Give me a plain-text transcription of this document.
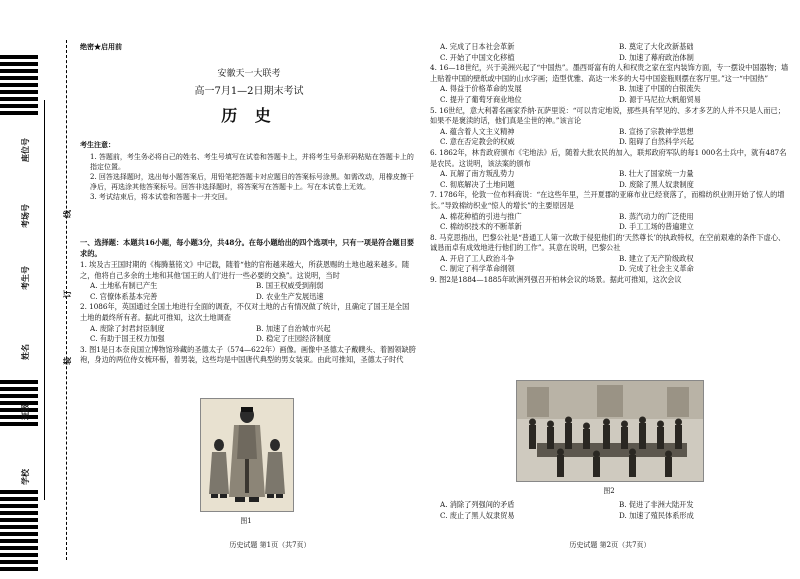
座位号
考场号
考生号
姓名
班级
学校
线
订
装
绝密★启用前
安徽天一大联考
高一7月1—2日期末考试
历 史
考生注意：
1. 答题前，考生务必将自己的姓名、考生号填写在试卷和答题卡上，并将考生号条形码粘贴在答题卡上的指定位置。
2. 回答选择题时，选出每小题答案后，用铅笔把答题卡对应题目的答案标号涂黑。如需改动，用橡皮擦干净后，再选涂其他答案标号。回答非选择题时，将答案写在答题卡上。写在本试卷上无效。
3. 考试结束后，将本试卷和答题卡一并交回。
一、选择题：本题共16小题，每小题3分，共48分。在每小题给出的四个选项中，只有一项是符合题目要求的。
1. 埃及古王国时期的《梅腾墓铭文》中记载，随着“他的官衔越来越大，所获恩赐的土地也越来越多。随之，他将自己多余的土地和其他‘国王的人们’进行一些必要的交换”。这说明，当时
A. 土地私有制已产生	B. 国王权威受到削弱
C. 官僚体系基本完善	D. 农业生产发展迅速
2. 1086年，英国通过全国土地进行全面的调查，不仅对土地的占有情况做了统计，且确定了国王是全国土地的最终所有者。据此可推知，这次土地调查
A. 废除了封君封臣制度	B. 加速了自治城市兴起
C. 有助于国王权力加强	D. 稳定了庄园经济制度
3. 图1是日本奈良国立博物馆珍藏的圣德太子（574—622年）画像。画像中圣德太子戴幞头、着圆领缺胯袍，身边的两位侍女梳环髻，着男装，这些均是中国唐代典型的男女装束。由此可推知，圣德太子时代
图1
历史试题 第1页（共7页）
A. 完成了日本社会革新	B. 奠定了大化改新基础
C. 开始了中国文化移植	D. 加速了幕府政治体制
4. 16—18世纪，兴于美洲兴起了“中国热”。墨西哥富有的人和权贵之家在室内装饰方面，专一摆设中国器物；墙上贴着中国的壁纸或中国的山水字画；造型优雅、高达一米多的大号中国瓷瓶则摆在客厅里。”这一“中国热”
A. 得益于价格革命的发展	B. 加速了中国的白银流失
C. 提升了葡萄牙商业地位	D. 源于马尼拉大帆船贸易
5. 16世纪，意大利著名画家乔纳·瓦萨里说：“可以肯定地说，那些具有罕见的、多才多艺的人并不只是人而已；如果不是褒渎的话，他们真是尘世的神。”该言论
A. 蕴含着人文主义精神	B. 宣扬了宗教神学思想
C. 意在否定教会的权威	D. 阻碍了自然科学兴起
6. 1862年，林肯政府颁布《宅地法》后，随着大批农民的加入，联邦政府军队的每1 000名士兵中，就有487名是农民。这说明，该法案的颁布
A. 瓦解了南方叛乱势力	B. 壮大了国家统一力量
C. 彻底解决了土地问题	D. 废除了黑人奴隶制度
7. 1786年，伦敦一位布料商说：“在这些年里，兰开夏郡的亚麻布业已经衰落了，而棉纺织业则开始了惊人的增长。”导致棉纺织业“惊人的增长”的主要原因是
A. 棉花种植的引进与推广	B. 蒸汽动力的广泛使用
C. 棉纺织技术的不断革新	D. 手工工场的普遍建立
8. 马克思指出，巴黎公社是“普通工人第一次敢于侵犯他们的‘天然尊长’的执政特权，在空前艰难的条件下虚心、诚恳而卓有成效地进行他们的工作”。其意在说明，巴黎公社
A. 开启了工人政治斗争	B. 建立了无产阶级政权
C. 制定了科学革命纲领	D. 完成了社会主义革命
9. 图2是1884—1885年欧洲列强召开柏林会议的场景。据此可推知，这次会议
图2
A. 消除了列强间的矛盾	B. 促进了非洲大陆开发
C. 废止了黑人奴隶贸易	D. 加速了殖民体系形成
历史试题 第2页（共7页）
